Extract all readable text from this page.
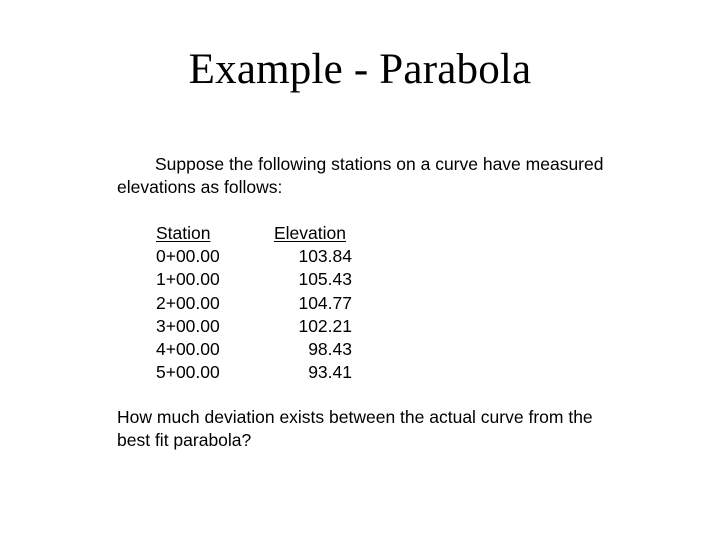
Example - Parabola
Suppose the following stations on a curve have measured
elevations as follows:
Station	Elevation
0+00.00	103.84
1+00.00	105.43
2+00.00	104.77
3+00.00	102.21
4+00.00	98.43
5+00.00	93.41
How much deviation exists between the actual curve from the
best fit parabola?
